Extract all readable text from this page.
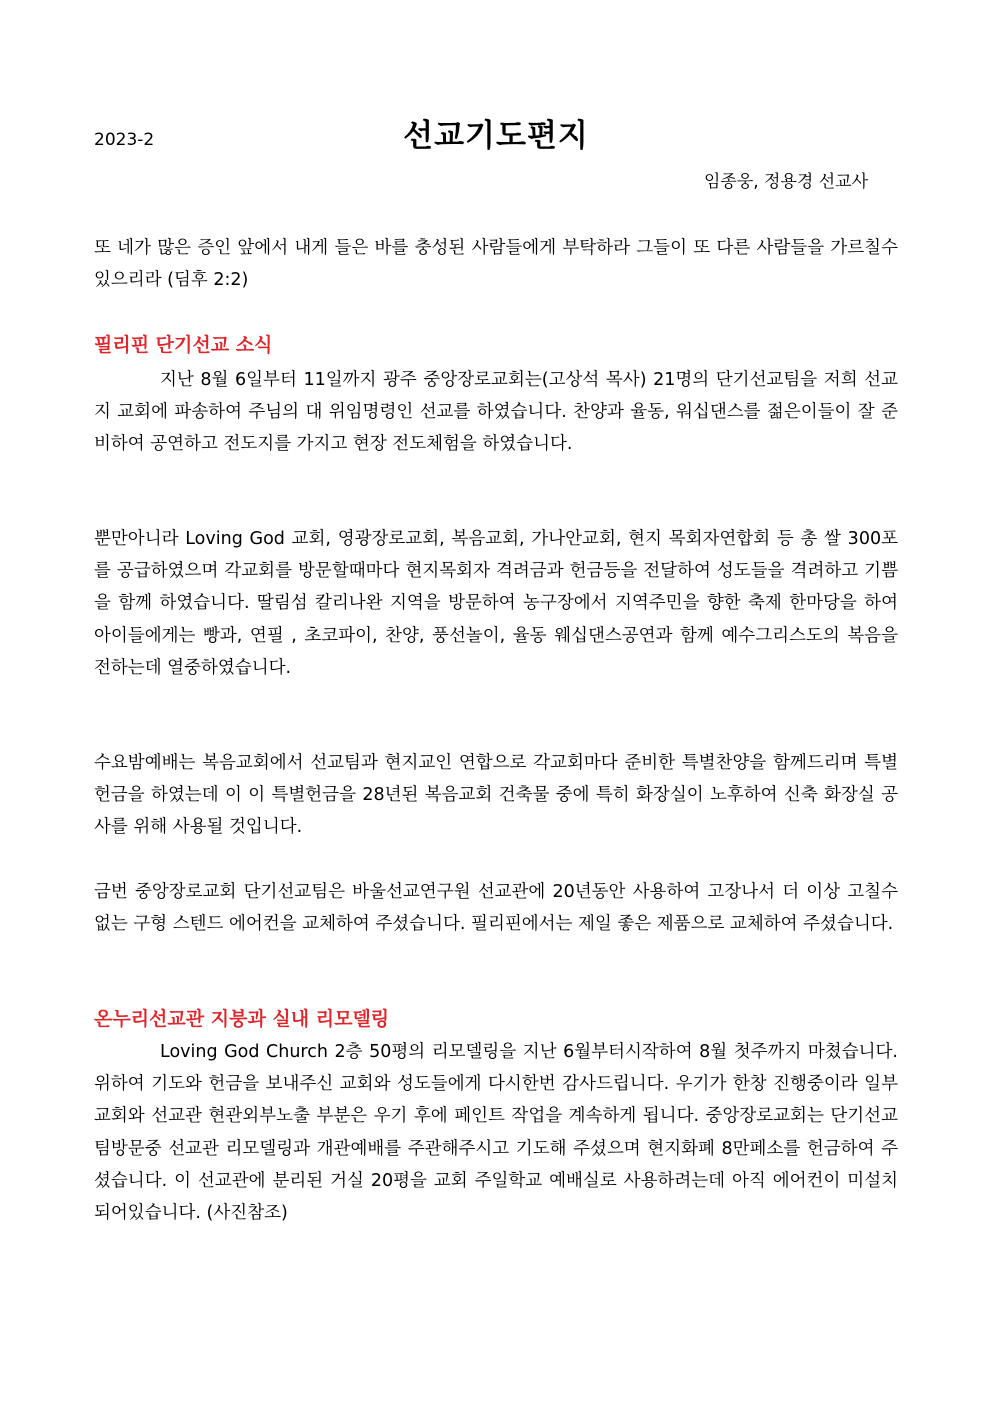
2023-2	선교기도편지
임종웅, 정용경 선교사
또 네가 많은 증인 앞에서 내게 들은 바를 충성된 사람들에게 부탁하라 그들이 또 다른 사람들을 가르칠수 있으리라 (딤후 2:2)
필리핀 단기선교 소식
지난 8월 6일부터 11일까지 광주 중앙장로교회는(고상석 목사) 21명의 단기선교팀을 저희 선교지 교회에 파송하여 주님의 대 위임명령인 선교를 하였습니다. 찬양과 율동, 워십댄스를 젊은이들이 잘 준비하여 공연하고 전도지를 가지고 현장 전도체험을 하였습니다.
뿐만아니라 Loving God 교회, 영광장로교회, 복음교회, 가나안교회, 현지 목회자연합회 등 총 쌀 300포를 공급하였으며 각교회를 방문할때마다 현지목회자 격려금과 헌금등을 전달하여 성도들을 격려하고 기쁨을 함께 하였습니다. 딸림섬 칼리나완 지역을 방문하여 농구장에서 지역주민을 향한 축제 한마당을 하여 아이들에게는 빵과, 연필 , 초코파이, 찬양, 풍선놀이, 율동 웨십댄스공연과 함께 예수그리스도의 복음을 전하는데 열중하였습니다.
수요밤예배는 복음교회에서 선교팀과 현지교인 연합으로 각교회마다 준비한 특별찬양을 함께드리며 특별헌금을 하였는데 이 이 특별헌금을 28년된 복음교회 건축물 중에 특히 화장실이 노후하여 신축 화장실 공사를 위해 사용될 것입니다.
금번 중앙장로교회 단기선교팀은 바울선교연구원 선교관에 20년동안 사용하여 고장나서 더 이상 고칠수 없는 구형 스텐드 에어컨을 교체하여 주셨습니다. 필리핀에서는 제일 좋은 제품으로 교체하여 주셨습니다.
온누리선교관 지붕과 실내 리모델링
Loving God Church 2층 50평의 리모델링을 지난 6월부터시작하여 8월 첫주까지 마쳤습니다. 위하여 기도와 헌금을 보내주신 교회와 성도들에게 다시한번 감사드립니다. 우기가 한창 진행중이라 일부 교회와 선교관 현관외부노출 부분은 우기 후에 페인트 작업을 계속하게 됩니다. 중앙장로교회는 단기선교팀방문중 선교관 리모델링과 개관예배를 주관해주시고 기도해 주셨으며 현지화폐 8만페소를 헌금하여 주셨습니다. 이 선교관에 분리된 거실 20평을 교회 주일학교 예배실로 사용하려는데 아직 에어컨이 미설치 되어있습니다. (사진참조)
